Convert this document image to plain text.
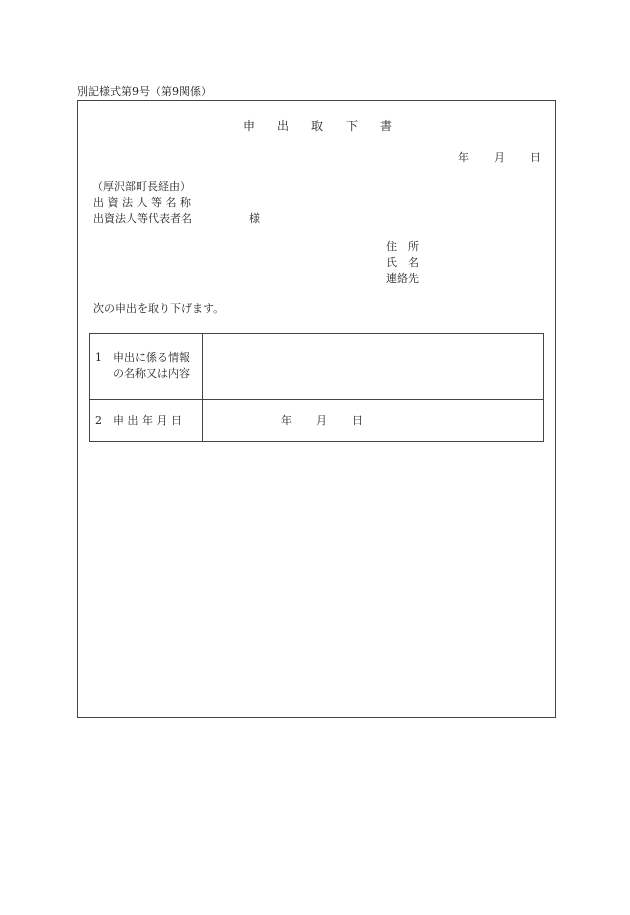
別記様式第9号（第9関係）
申 出 取 下 書
年 月 日
（厚沢部町長経由）
出 資 法 人 等 名 称
出資法人等代表者名	様
住　所
氏　名
連絡先
次の申出を取り下げます。
1　申出に係る情報
の名称又は内容
2　申 出 年 月 日	年 月 日
